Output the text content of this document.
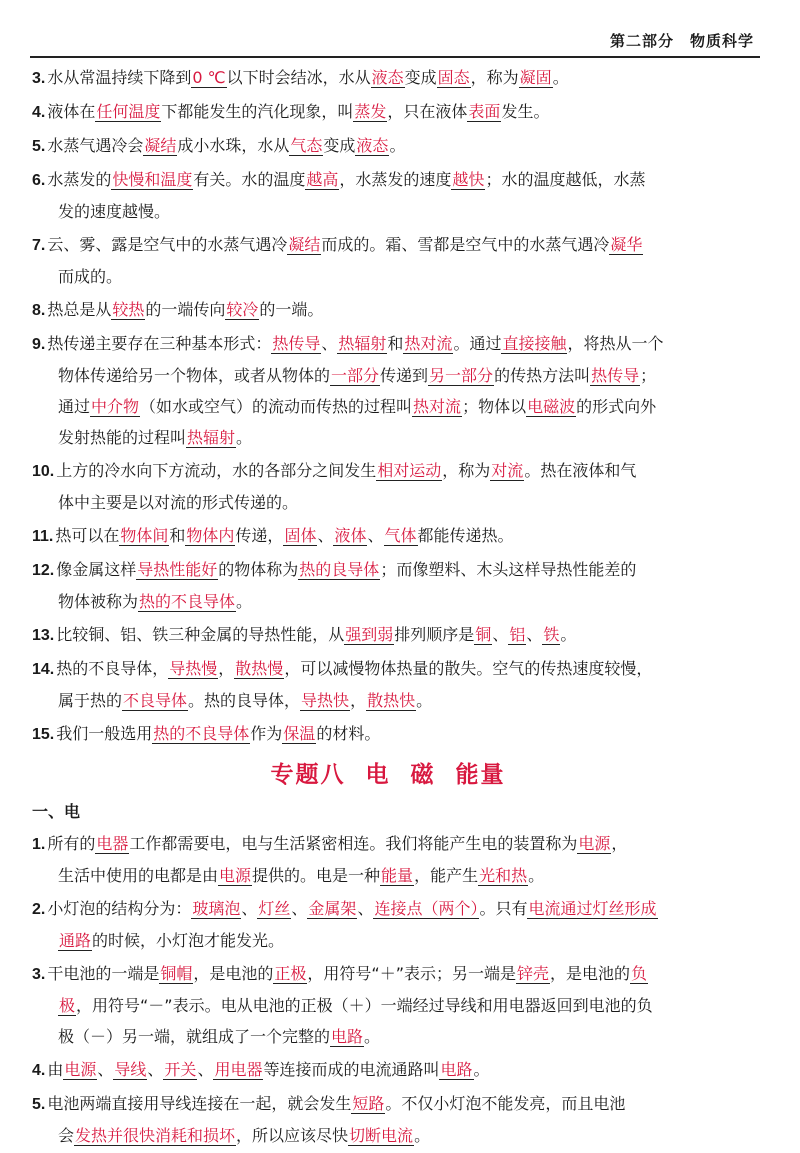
第二部分　物质科学
3. 水从常温持续下降到0 ℃以下时会结冰，水从液态变成固态，称为凝固。
4. 液体在任何温度下都能发生的汽化现象，叫蒸发，只在液体表面发生。
5. 水蒸气遇冷会凝结成小水珠，水从气态变成液态。
6. 水蒸发的快慢和温度有关。水的温度越高，水蒸发的速度越快；水的温度越低，水蒸
发的速度越慢。
7. 云、雾、露是空气中的水蒸气遇冷凝结而成的。霜、雪都是空气中的水蒸气遇冷凝华
而成的。
8. 热总是从较热的一端传向较冷的一端。
9. 热传递主要存在三种基本形式：热传导、热辐射和热对流。通过直接接触，将热从一个
物体传递给另一个物体，或者从物体的一部分传递到另一部分的传热方法叫热传导；
通过中介物（如水或空气）的流动而传热的过程叫热对流；物体以电磁波的形式向外
发射热能的过程叫热辐射。
10. 上方的冷水向下方流动，水的各部分之间发生相对运动，称为对流。热在液体和气
体中主要是以对流的形式传递的。
11. 热可以在物体间和物体内传递，固体、液体、气体都能传递热。
12. 像金属这样导热性能好的物体称为热的良导体；而像塑料、木头这样导热性能差的
物体被称为热的不良导体。
13. 比较铜、铝、铁三种金属的导热性能，从强到弱排列顺序是铜、铝、铁。
14. 热的不良导体，导热慢，散热慢，可以减慢物体热量的散失。空气的传热速度较慢，
属于热的不良导体。热的良导体，导热快，散热快。
15. 我们一般选用热的不良导体作为保温的材料。
专题八 电 磁 能量
一、电
1. 所有的电器工作都需要电，电与生活紧密相连。我们将能产生电的装置称为电源，
生活中使用的电都是由电源提供的。电是一种能量，能产生光和热。
2. 小灯泡的结构分为：玻璃泡、灯丝、金属架、连接点（两个）。只有电流通过灯丝形成
通路的时候，小灯泡才能发光。
3. 干电池的一端是铜帽，是电池的正极，用符号“＋”表示；另一端是锌壳，是电池的负
极，用符号“－”表示。电从电池的正极（＋）一端经过导线和用电器返回到电池的负
极（－）另一端，就组成了一个完整的电路。
4. 由电源、导线、开关、用电器等连接而成的电流通路叫电路。
5. 电池两端直接用导线连接在一起，就会发生短路。不仅小灯泡不能发亮，而且电池
会发热并很快消耗和损坏，所以应该尽快切断电流。
